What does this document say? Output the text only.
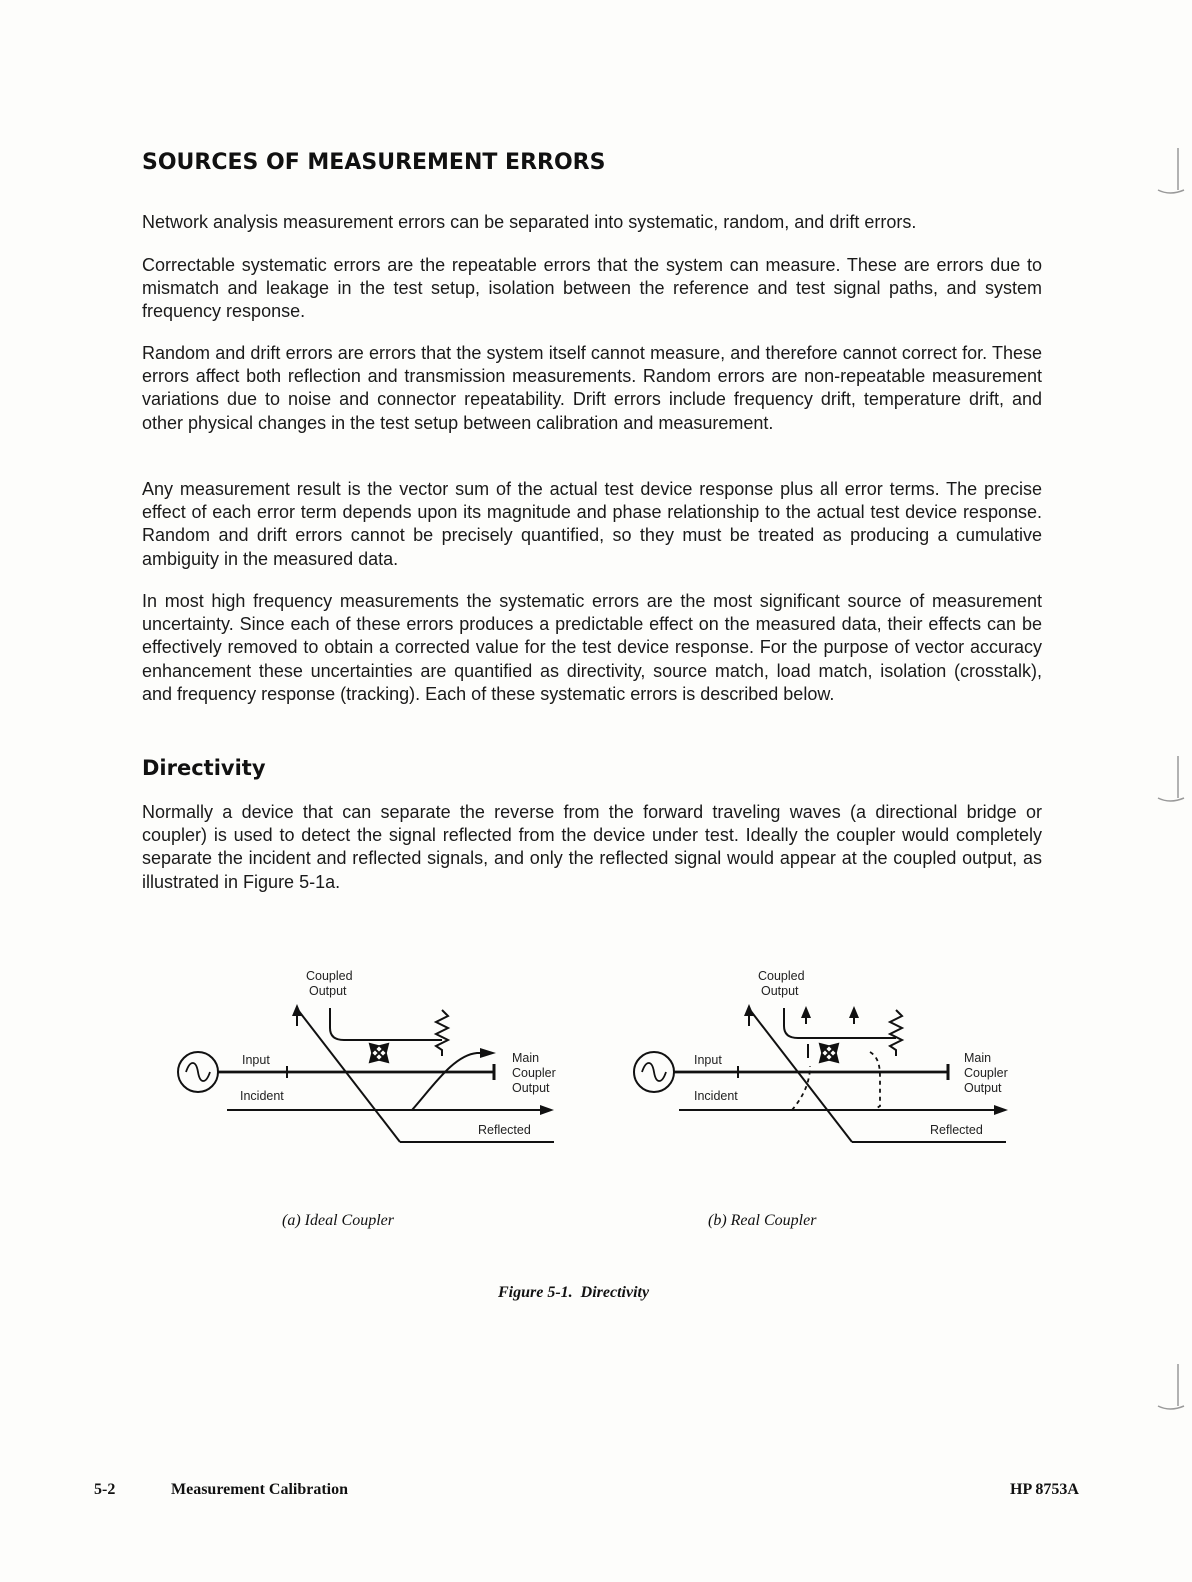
SOURCES OF MEASUREMENT ERRORS

Network analysis measurement errors can be separated into systematic, random, and drift errors.

Correctable systematic errors are the repeatable errors that the system can measure. These are errors due to mismatch and leakage in the test setup, isolation between the reference and test signal paths, and system frequency response.

Random and drift errors are errors that the system itself cannot measure, and therefore cannot correct for. These errors affect both reflection and transmission measurements. Random errors are non-repeatable measurement variations due to noise and connector repeatability. Drift errors include frequency drift, temperature drift, and other physical changes in the test setup between calibration and measurement.

Any measurement result is the vector sum of the actual test device response plus all error terms. The precise effect of each error term depends upon its magnitude and phase relationship to the actual test device response. Random and drift errors cannot be precisely quantified, so they must be treated as producing a cumulative ambiguity in the measured data.

In most high frequency measurements the systematic errors are the most significant source of measurement uncertainty. Since each of these errors produces a predictable effect on the measured data, their effects can be effectively removed to obtain a corrected value for the test device response. For the purpose of vector accuracy enhancement these uncertainties are quantified as directivity, source match, load match, isolation (crosstalk), and frequency response (tracking). Each of these systematic errors is described below.

Directivity

Normally a device that can separate the reverse from the forward traveling waves (a directional bridge or coupler) is used to detect the signal reflected from the device under test. Ideally the coupler would completely separate the incident and reflected signals, and only the reflected signal would appear at the coupled output, as illustrated in Figure 5-1a.

Coupled
Output
Input
Incident
Main
Coupler
Output
Reflected
Coupled
Output
Input
Incident
Main
Coupler
Output
Reflected

(a) Ideal Coupler	(b) Real Coupler

Figure 5-1.  Directivity

5-2	Measurement Calibration	HP 8753A
